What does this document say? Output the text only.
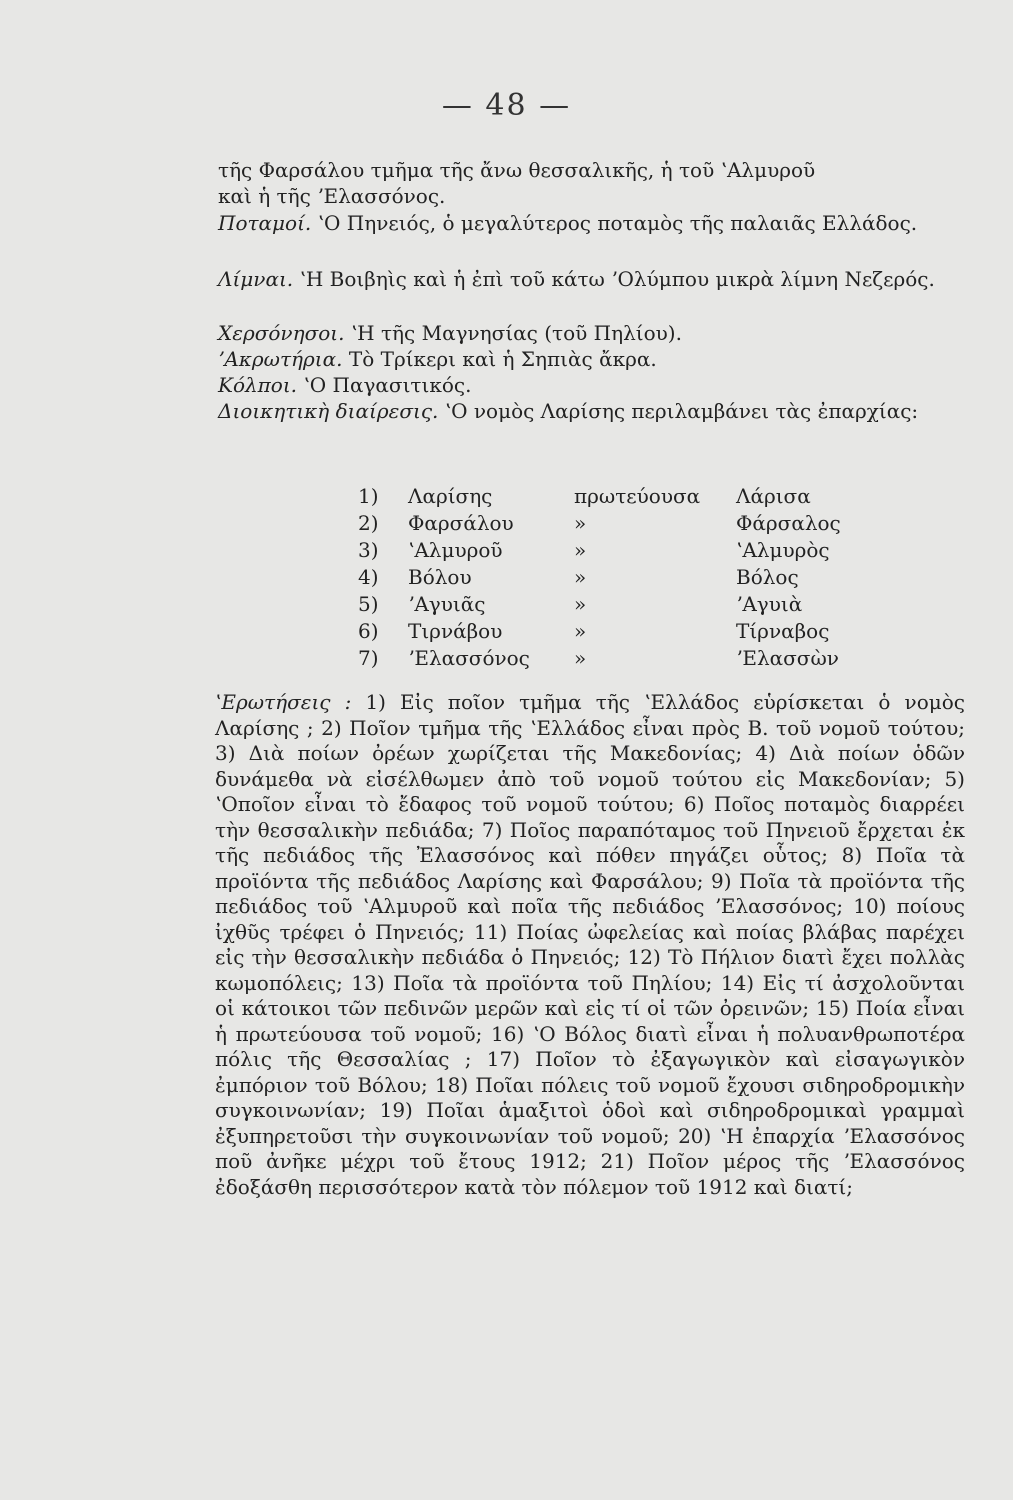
— 48 —
τῆς Φαρσάλου τμῆμα τῆς ἄνω θεσσαλικῆς, ἡ τοῦ ʽΑλμυροῦ
καὶ ἡ τῆς ʼΕλασσόνος.
Ποταμοί. ʽΟ Πηνειός, ὁ μεγαλύτερος ποταμὸς τῆς παλαιᾶς Ελλάδος.
Λίμναι. ʽΗ Βοιβηὶς καὶ ἡ ἐπὶ τοῦ κάτω ʼΟλύμπου μικρὰ λίμνη Νεζερός.
Χερσόνησοι. ʽΗ τῆς Μαγνησίας (τοῦ Πηλίου).
ʼΑκρωτήρια. Τὸ Τρίκερι καὶ ἡ Σηπιὰς ἄκρα.
Κόλποι. ʽΟ Παγασιτικός.
Διοικητικὴ διαίρεσις. ʽΟ νομὸς Λαρίσης περιλαμβάνει τὰς ἐπαρχίας:
1) Λαρίσης	πρωτεύουσα Λάρισα
2) Φαρσάλου	»	Φάρσαλος
3) ʽΑλμυροῦ	»	ʽΑλμυρὸς
4) Βόλου	»	Βόλος
5) ʼΑγυιᾶς	»	ʼΑγυιὰ
6) Τιρνάβου	»	Τίρναβος
7) ʼΕλασσόνος »	ʼΕλασσὼν
ʽΕρωτήσεις : 1) Εἰς ποῖον τμῆμα τῆς ʽΕλλάδος εὑρίσκεται ὁ νομὸς Λαρίσης ; 2) Ποῖον τμῆμα τῆς ʽΕλλάδος εἶναι πρὸς Β. τοῦ νομοῦ τούτου; 3) Διὰ ποίων ὀρέων χωρίζεται τῆς Μακεδονίας; 4) Διὰ ποίων ὁδῶν δυνάμεθα νὰ εἰσέλθωμεν ἀπὸ τοῦ νομοῦ τούτου εἰς Μακεδονίαν; 5) ʽΟποῖον εἶναι τὸ ἔδαφος τοῦ νομοῦ τούτου; 6) Ποῖος ποταμὸς διαρρέει τὴν θεσσαλικὴν πεδιάδα; 7) Ποῖος παραπόταμος τοῦ Πηνειοῦ ἔρχεται ἐκ τῆς πεδιάδος τῆς Ἐλασσόνος καὶ πόθεν πηγάζει οὗτος; 8) Ποῖα τὰ προϊόντα τῆς πεδιάδος Λαρίσης καὶ Φαρσάλου; 9) Ποῖα τὰ προϊόντα τῆς πεδιάδος τοῦ ʽΑλμυροῦ καὶ ποῖα τῆς πεδιάδος ʼΕλασσόνος; 10) ποίους ἰχθῦς τρέφει ὁ Πηνειός; 11) Ποίας ὠφελείας καὶ ποίας βλάβας παρέχει εἰς τὴν θεσσαλικὴν πεδιάδα ὁ Πηνειός; 12) Τὸ Πήλιον διατὶ ἔχει πολλὰς κωμοπόλεις; 13) Ποῖα τὰ προϊόντα τοῦ Πηλίου; 14) Εἰς τί ἀσχολοῦνται οἱ κάτοικοι τῶν πεδινῶν μερῶν καὶ εἰς τί οἱ τῶν ὀρεινῶν; 15) Ποία εἶναι ἡ πρωτεύουσα τοῦ νομοῦ; 16) ʽΟ Βόλος διατὶ εἶναι ἡ πολυανθρωποτέρα πόλις τῆς Θεσσαλίας ; 17) Ποῖον τὸ ἐξαγωγικὸν καὶ εἰσαγωγικὸν ἐμπόριον τοῦ Βόλου; 18) Ποῖαι πόλεις τοῦ νομοῦ ἔχουσι σιδηροδρομικὴν συγκοινωνίαν; 19) Ποῖαι ἁμαξιτοὶ ὁδοὶ καὶ σιδηροδρομικαὶ γραμμαὶ ἐξυπηρετοῦσι τὴν συγκοινωνίαν τοῦ νομοῦ; 20) ʽΗ ἐπαρχία ʼΕλασσόνος ποῦ ἀνῆκε μέχρι τοῦ ἔτους 1912; 21) Ποῖον μέρος τῆς ʼΕλασσόνος ἐδοξάσθη περισσότερον κατὰ τὸν πόλεμον τοῦ 1912 καὶ διατί;
